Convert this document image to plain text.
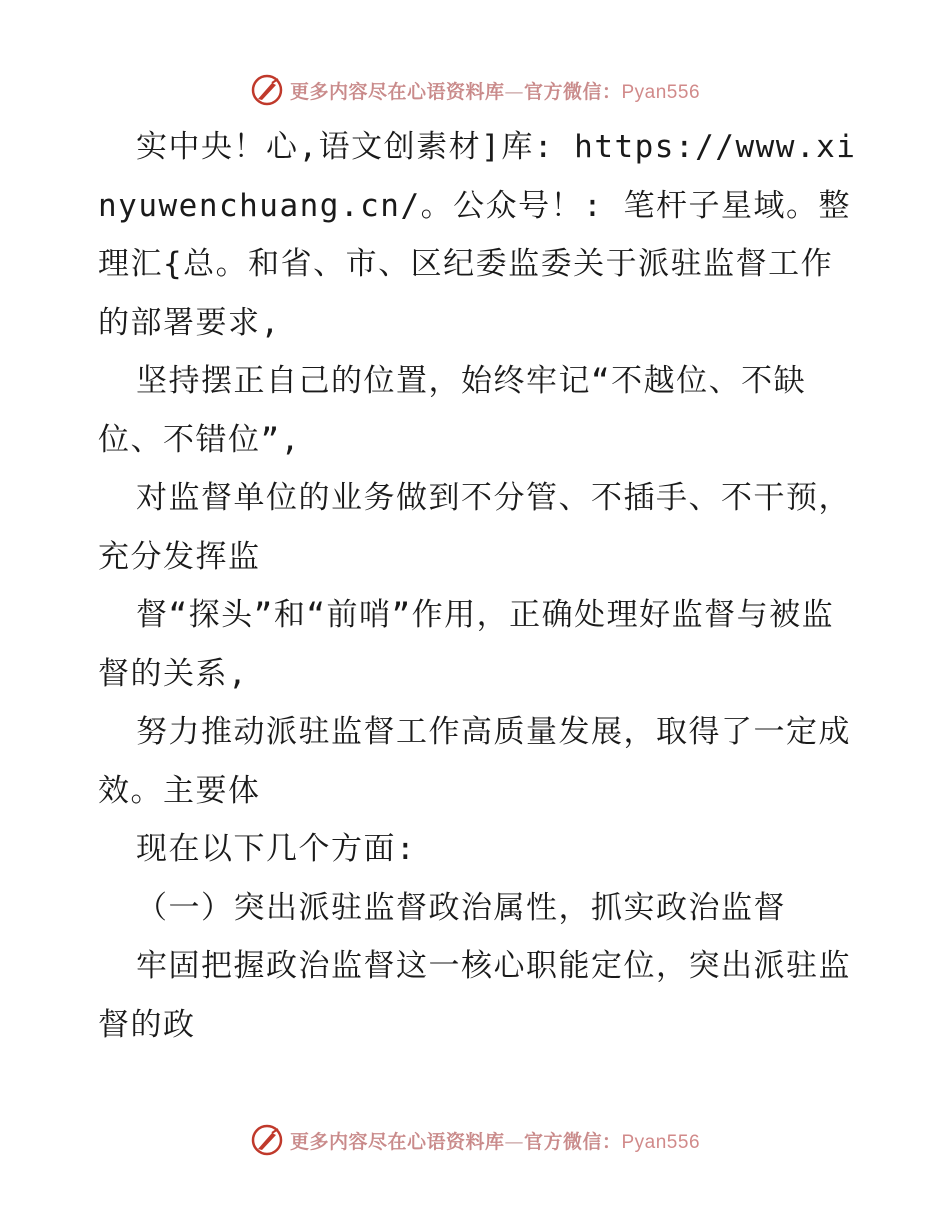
更多内容尽在心语资料库—官方微信：Pyan556

实中央！心,语文创素材]库: https://www.xinyuwenchuang.cn/。公众号！: 笔杆子星域。整理汇{总。和省、市、区纪委监委关于派驻监督工作的部署要求,

坚持摆正自己的位置，始终牢记“不越位、不缺位、不错位”,

对监督单位的业务做到不分管、不插手、不干预，充分发挥监

督“探头”和“前哨”作用，正确处理好监督与被监督的关系,

努力推动派驻监督工作高质量发展，取得了一定成效。主要体

现在以下几个方面:

（一）突出派驻监督政治属性，抓实政治监督

牢固把握政治监督这一核心职能定位，突出派驻监督的政

更多内容尽在心语资料库—官方微信：Pyan556
